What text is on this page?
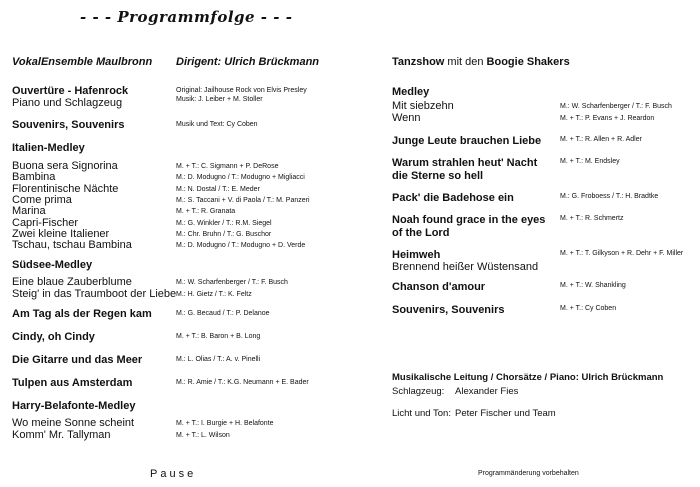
- - - Programmfolge - - -
VokalEnsemble Maulbronn Dirigent: Ulrich Brückmann
Ouvertüre - Hafenrock
Piano und Schlagzeug
Original: Jailhouse Rock von Elvis Presley
Musik: J. Leiber + M. Stoller
Souvenirs, Souvenirs	Musik und Text: Cy Coben
Italien-Medley
Buona sera Signorina	M. + T.: C. Sigmann + P. DeRose
Bambina	M.: D. Modugno / T.: Modugno + Migliacci
Florentinische Nächte	M.: N. Dostal / T.: E. Meder
Come prima	M.: S. Taccani + V. di Paola / T.: M. Panzeri
Marina	M. + T.: R. Granata
Capri-Fischer	M.: G. Winkler / T.: R.M. Siegel
Zwei kleine Italiener	M.: Chr. Bruhn / T.: G. Buschor
Tschau, tschau Bambina	M.: D. Modugno / T.: Modugno + D. Verde
Südsee-Medley
Eine blaue Zauberblume	M.: W. Scharfenberger / T.: F. Busch
Steig' in das Traumboot der Liebe M.: H. Gietz / T.: K. Feltz
Am Tag als der Regen kam	M.: G. Becaud / T.: P. Delanoe
Cindy, oh Cindy	M. + T.: B. Baron + B. Long
Die Gitarre und das Meer	M.: L. Olias / T.: A. v. Pinelli
Tulpen aus Amsterdam	M.: R. Amie / T.: K.G. Neumann + E. Bader
Harry-Belafonte-Medley
Wo meine Sonne scheint	M. + T.: I. Burgie + H. Belafonte
Komm' Mr. Tallyman	M. + T.: L. Wilson
Pause
Tanzshow mit den Boogie Shakers
Medley
Mit siebzehn	M.: W. Scharfenberger / T.: F. Busch
Wenn	M. + T.: P. Evans + J. Reardon
Junge Leute brauchen Liebe	M. + T.: R. Allen + R. Adler
Warum strahlen heut' Nacht
die Sterne so hell
M. + T.: M. Endsley
Pack' die Badehose ein	M.: G. Froboess / T.: H. Bradtke
Noah found grace in the eyes
of the Lord
M. + T.: R. Schmertz
Heimweh
Brennend heißer Wüstensand
M. + T.: T. Gilkyson + R. Dehr + F. Miller
Chanson d'amour	M. + T.: W. Shankling
Souvenirs, Souvenirs	M. + T.: Cy Coben
Musikalische Leitung / Chorsätze / Piano: Ulrich Brückmann
Schlagzeug: Alexander Fies
Licht und Ton: Peter Fischer und Team
Programmänderung vorbehalten
